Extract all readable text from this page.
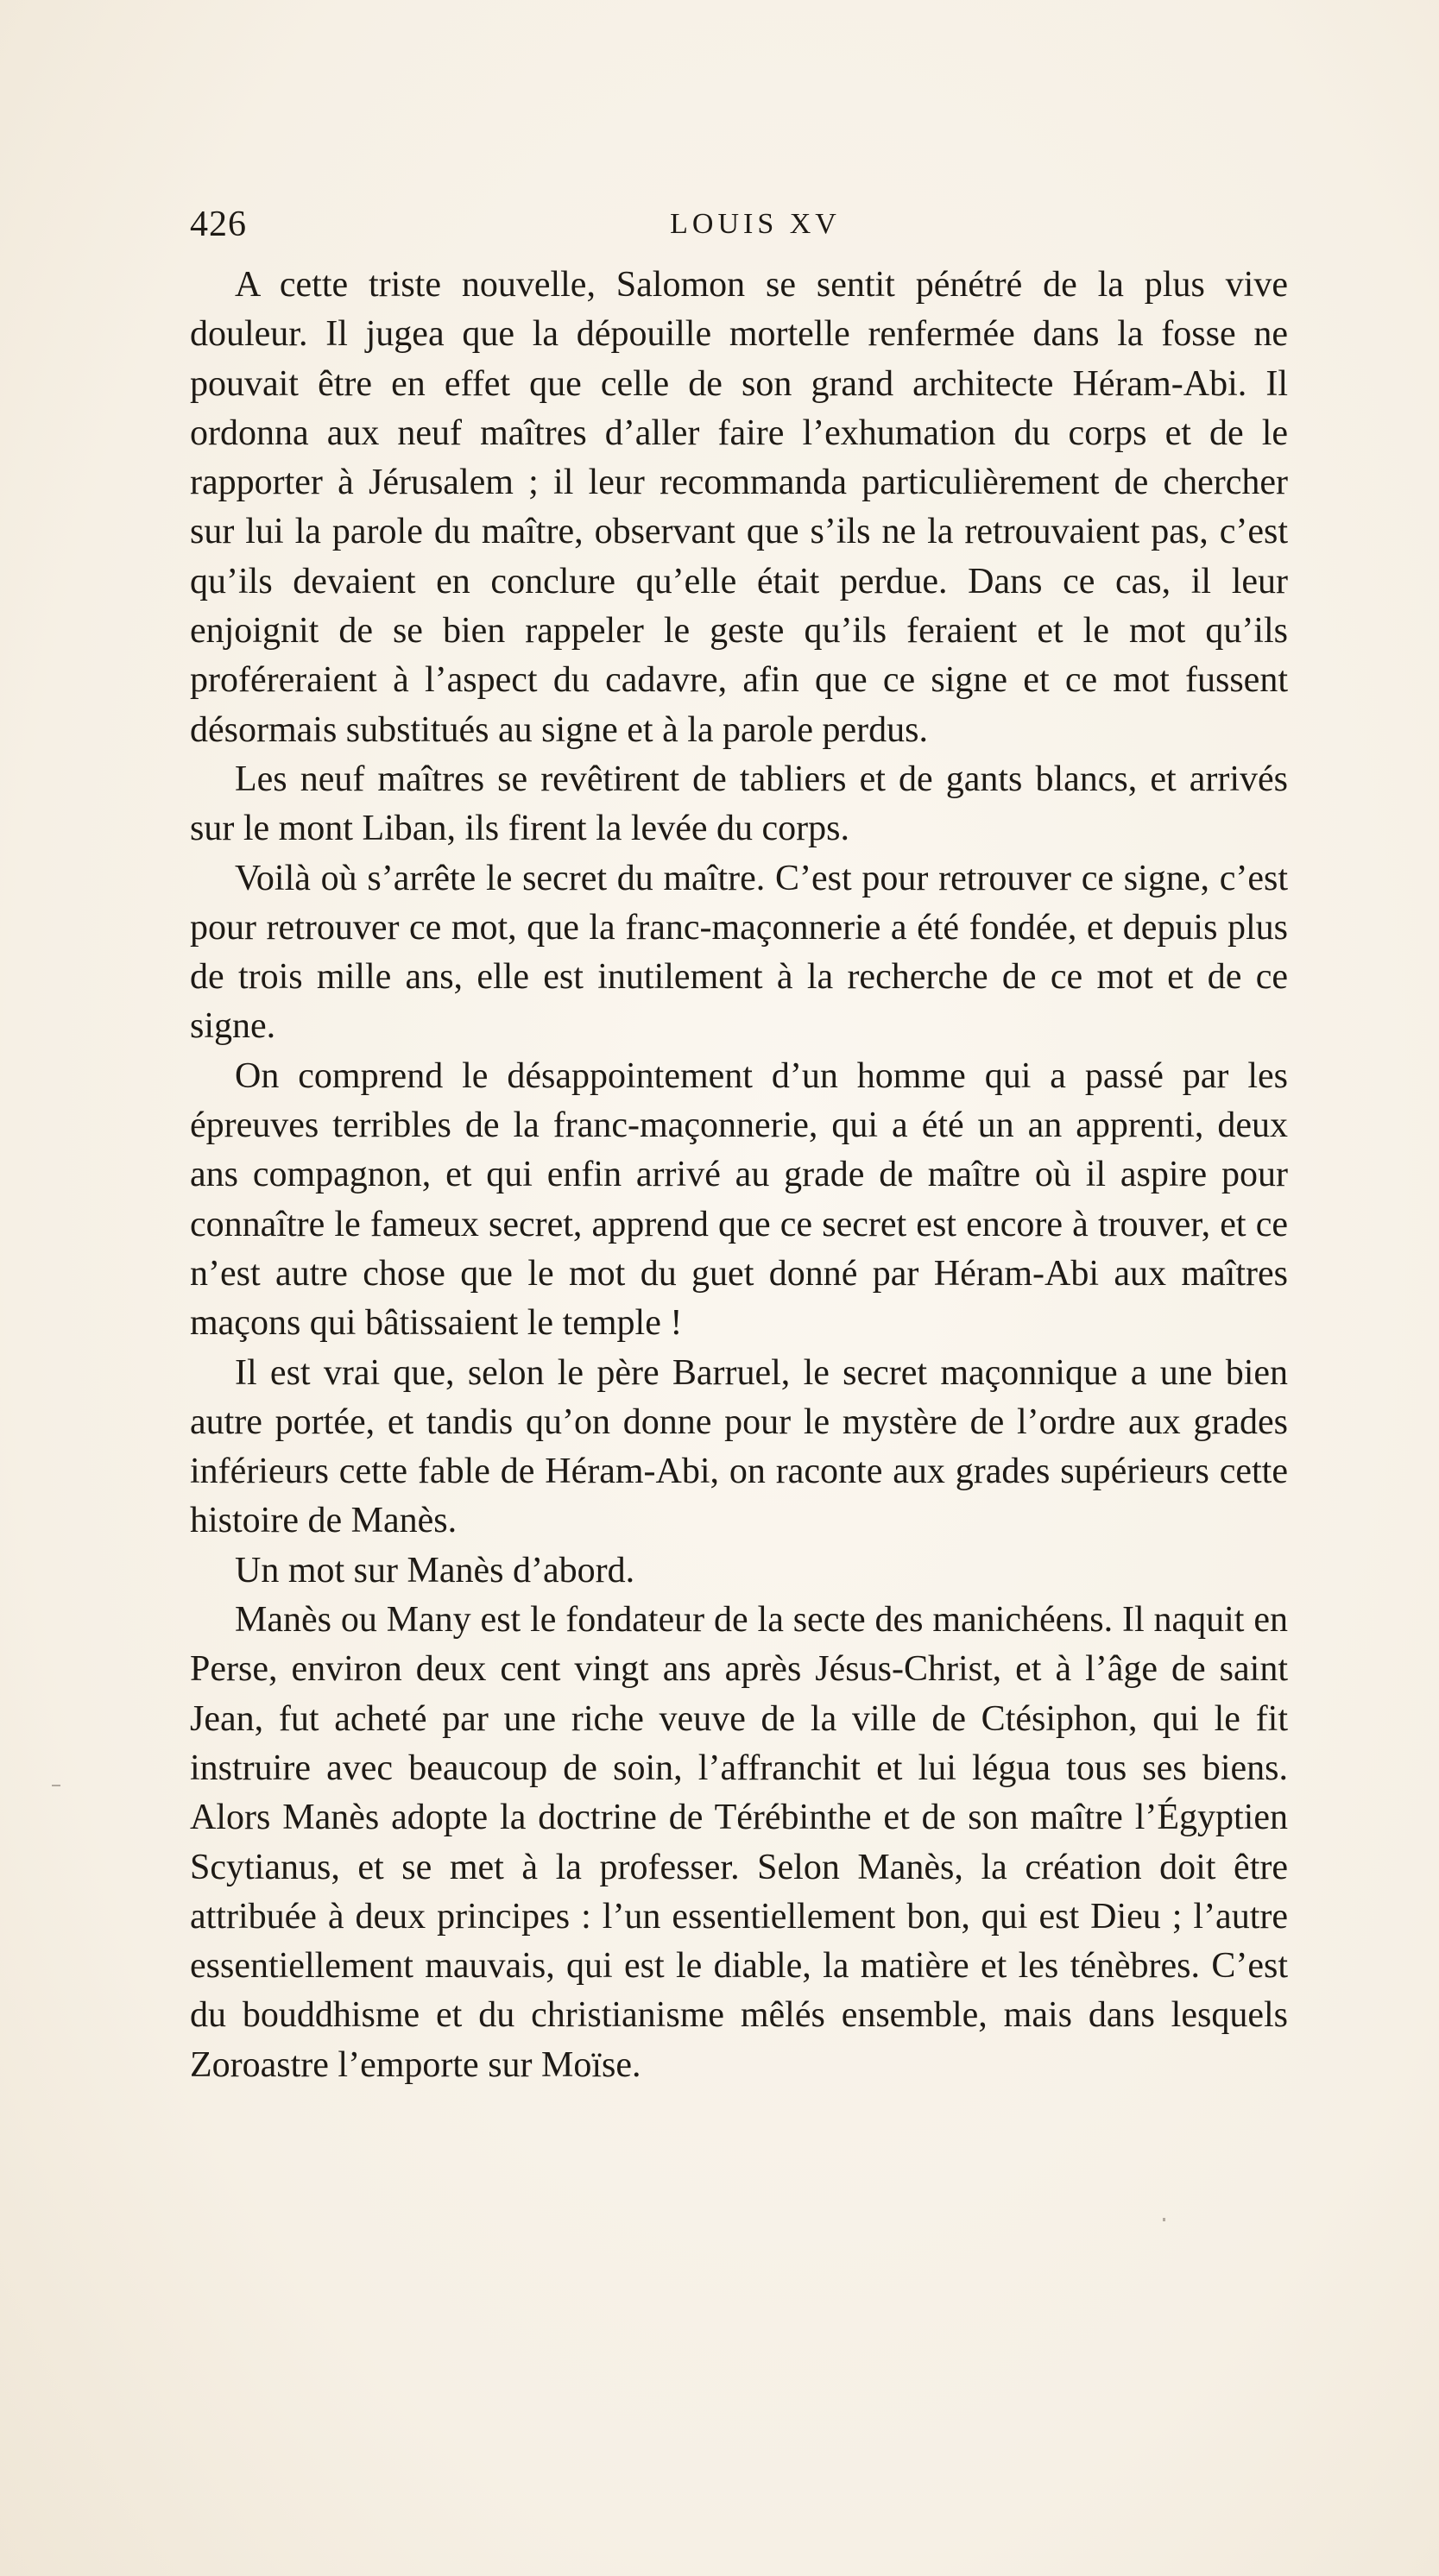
426	LOUIS XV

A cette triste nouvelle, Salomon se sentit pénétré de la plus vive douleur. Il jugea que la dépouille mortelle renfermée dans la fosse ne pouvait être en effet que celle de son grand architecte Héram-Abi. Il ordonna aux neuf maîtres d’aller faire l’exhumation du corps et de le rapporter à Jérusalem ; il leur recommanda particulièrement de chercher sur lui la parole du maître, observant que s’ils ne la retrouvaient pas, c’est qu’ils devaient en conclure qu’elle était perdue. Dans ce cas, il leur enjoignit de se bien rappeler le geste qu’ils feraient et le mot qu’ils proféreraient à l’aspect du cadavre, afin que ce signe et ce mot fussent désormais substitués au signe et à la parole perdus.

Les neuf maîtres se revêtirent de tabliers et de gants blancs, et arrivés sur le mont Liban, ils firent la levée du corps.

Voilà où s’arrête le secret du maître. C’est pour retrouver ce signe, c’est pour retrouver ce mot, que la franc-maçonnerie a été fondée, et depuis plus de trois mille ans, elle est inutilement à la recherche de ce mot et de ce signe.

On comprend le désappointement d’un homme qui a passé par les épreuves terribles de la franc-maçonnerie, qui a été un an apprenti, deux ans compagnon, et qui enfin arrivé au grade de maître où il aspire pour connaître le fameux secret, apprend que ce secret est encore à trouver, et ce n’est autre chose que le mot du guet donné par Héram-Abi aux maîtres maçons qui bâtissaient le temple !

Il est vrai que, selon le père Barruel, le secret maçonnique a une bien autre portée, et tandis qu’on donne pour le mystère de l’ordre aux grades inférieurs cette fable de Héram-Abi, on raconte aux grades supérieurs cette histoire de Manès.

Un mot sur Manès d’abord.

Manès ou Many est le fondateur de la secte des manichéens. Il naquit en Perse, environ deux cent vingt ans après Jésus-Christ, et à l’âge de saint Jean, fut acheté par une riche veuve de la ville de Ctésiphon, qui le fit instruire avec beaucoup de soin, l’affranchit et lui légua tous ses biens. Alors Manès adopte la doctrine de Térébinthe et de son maître l’Égyptien Scytianus, et se met à la professer. Selon Manès, la création doit être attribuée à deux principes : l’un essentiellement bon, qui est Dieu ; l’autre essentiellement mauvais, qui est le diable, la matière et les ténèbres. C’est du bouddhisme et du christianisme mêlés ensemble, mais dans lesquels Zoroastre l’emporte sur Moïse.
